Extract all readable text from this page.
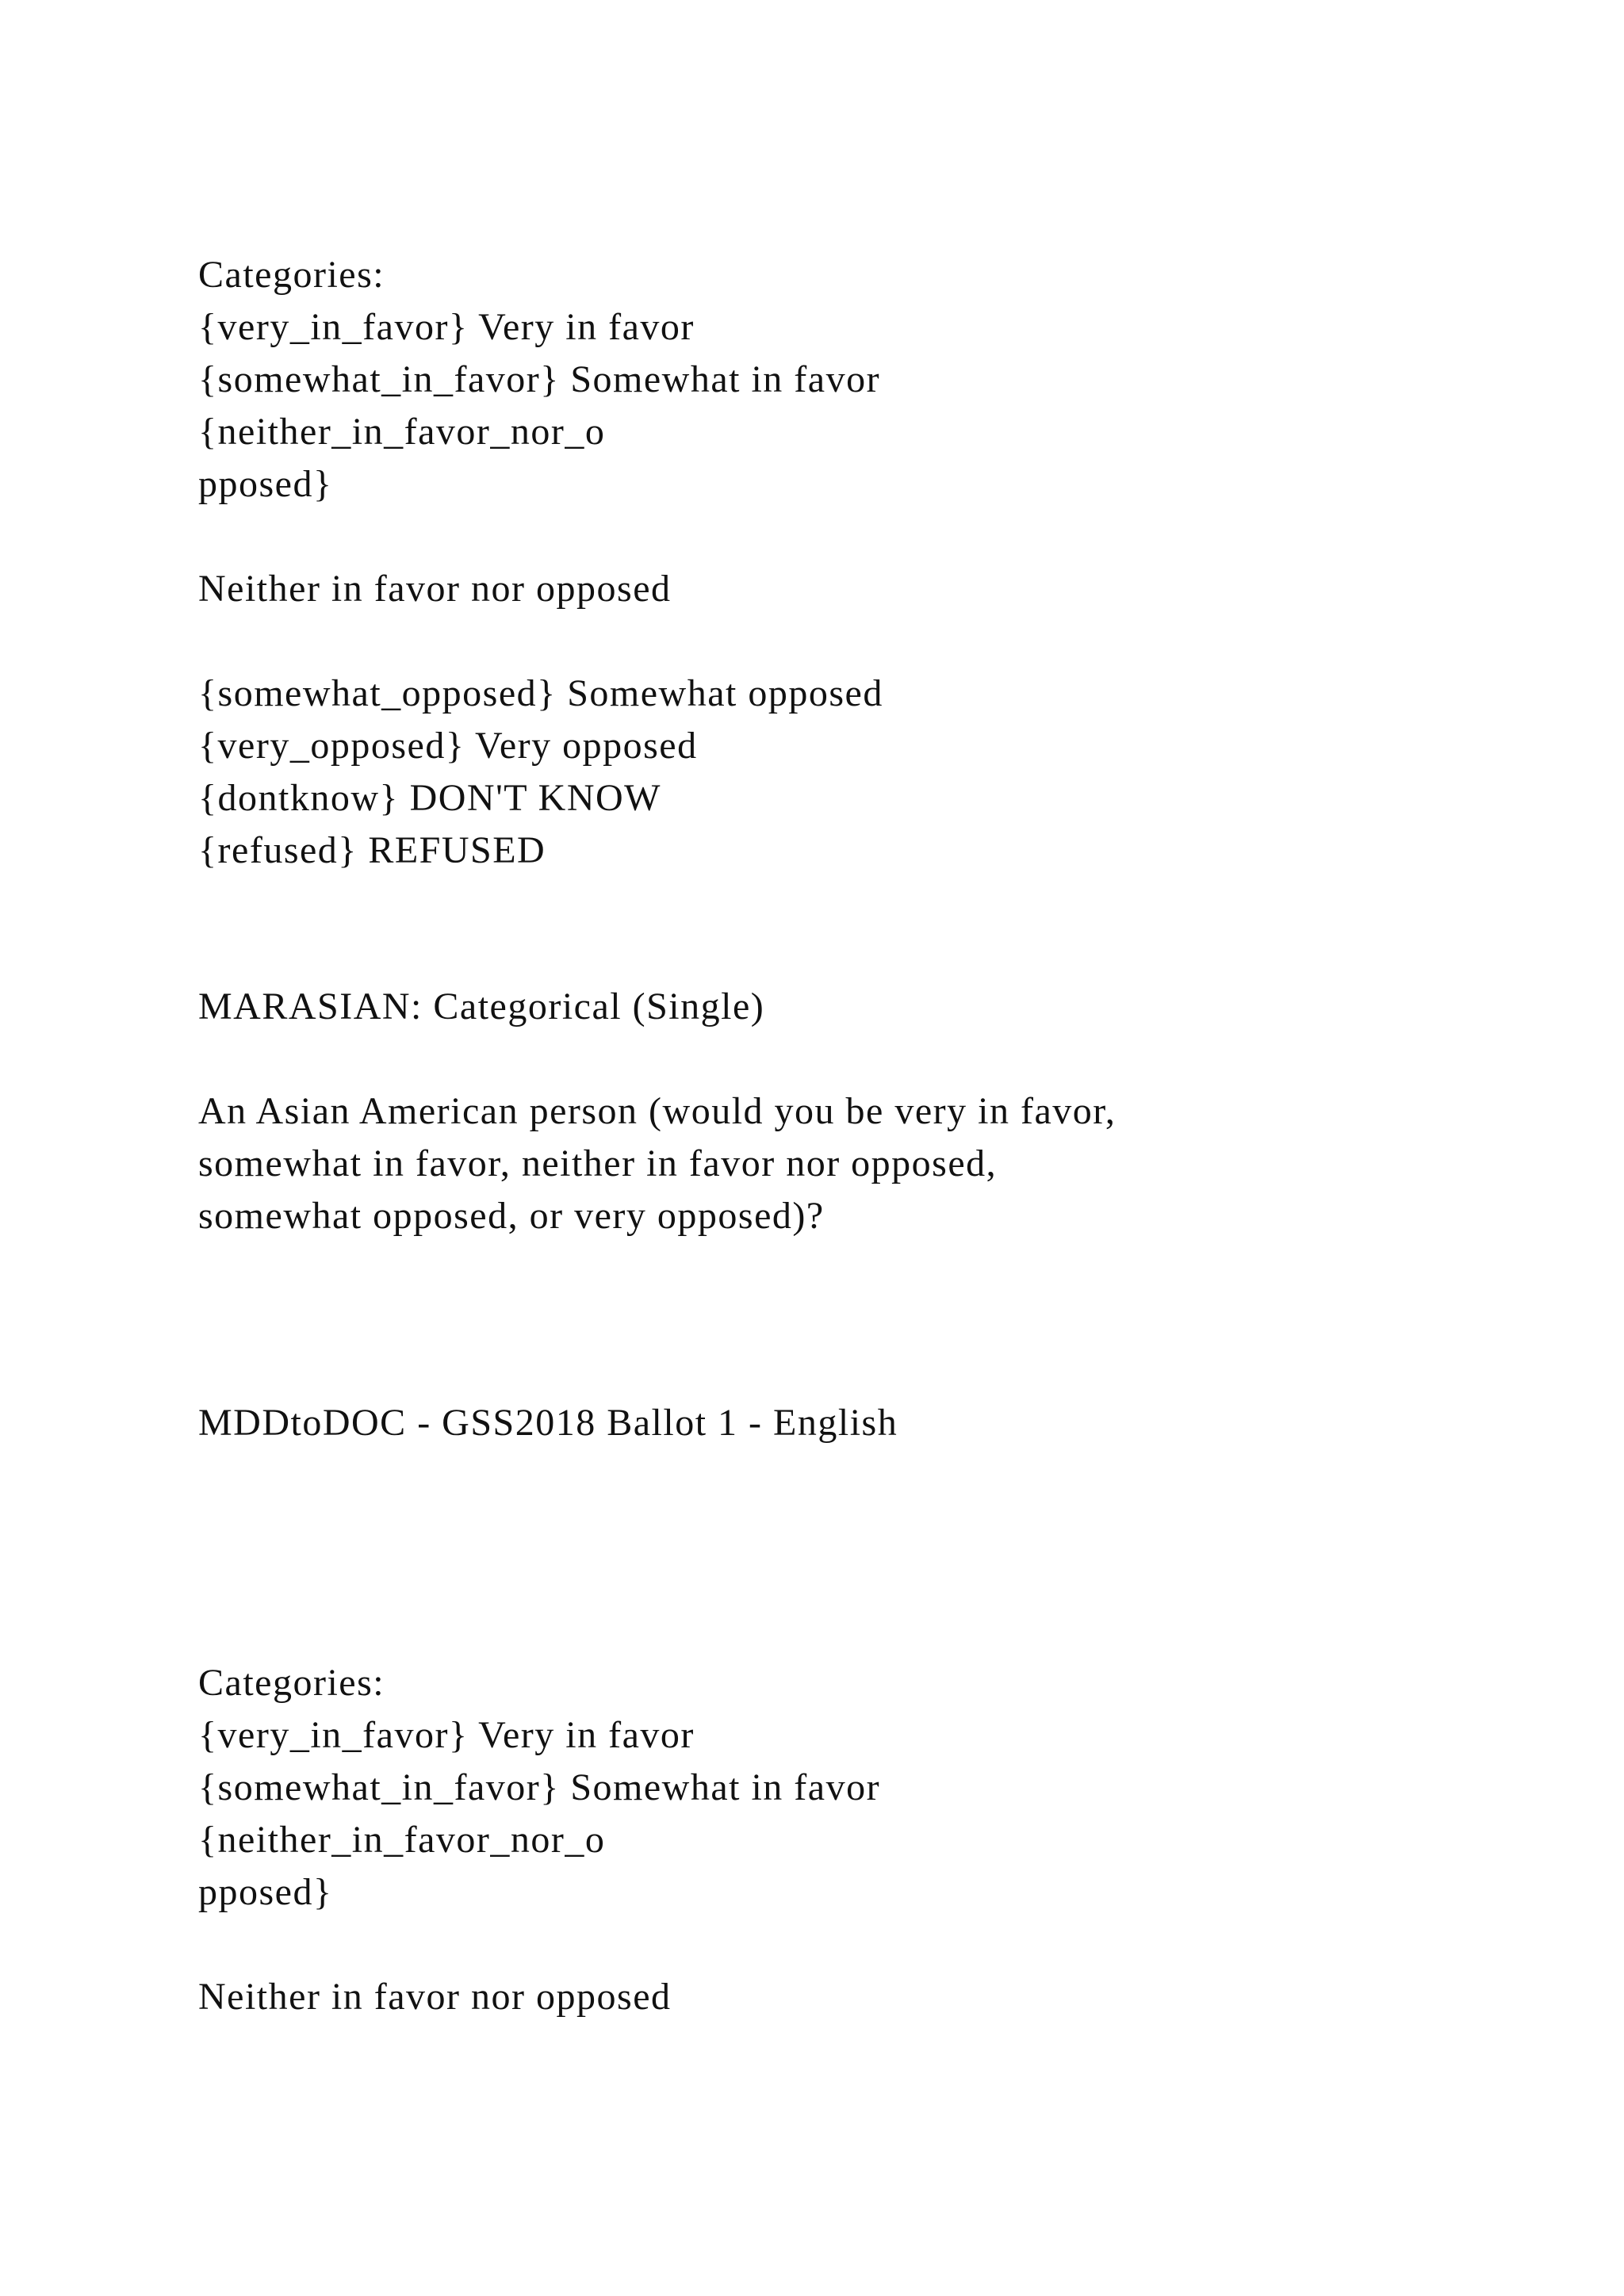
Categories:
{very_in_favor} Very in favor
{somewhat_in_favor} Somewhat in favor
{neither_in_favor_nor_o
pposed}
Neither in favor nor opposed
{somewhat_opposed} Somewhat opposed
{very_opposed} Very opposed
{dontknow} DON'T KNOW
{refused} REFUSED
MARASIAN: Categorical (Single)
An Asian American person (would you be very in favor,
somewhat in favor, neither in favor nor opposed,
somewhat opposed, or very opposed)?
MDDtoDOC - GSS2018 Ballot 1 - English
Categories:
{very_in_favor} Very in favor
{somewhat_in_favor} Somewhat in favor
{neither_in_favor_nor_o
pposed}
Neither in favor nor opposed
